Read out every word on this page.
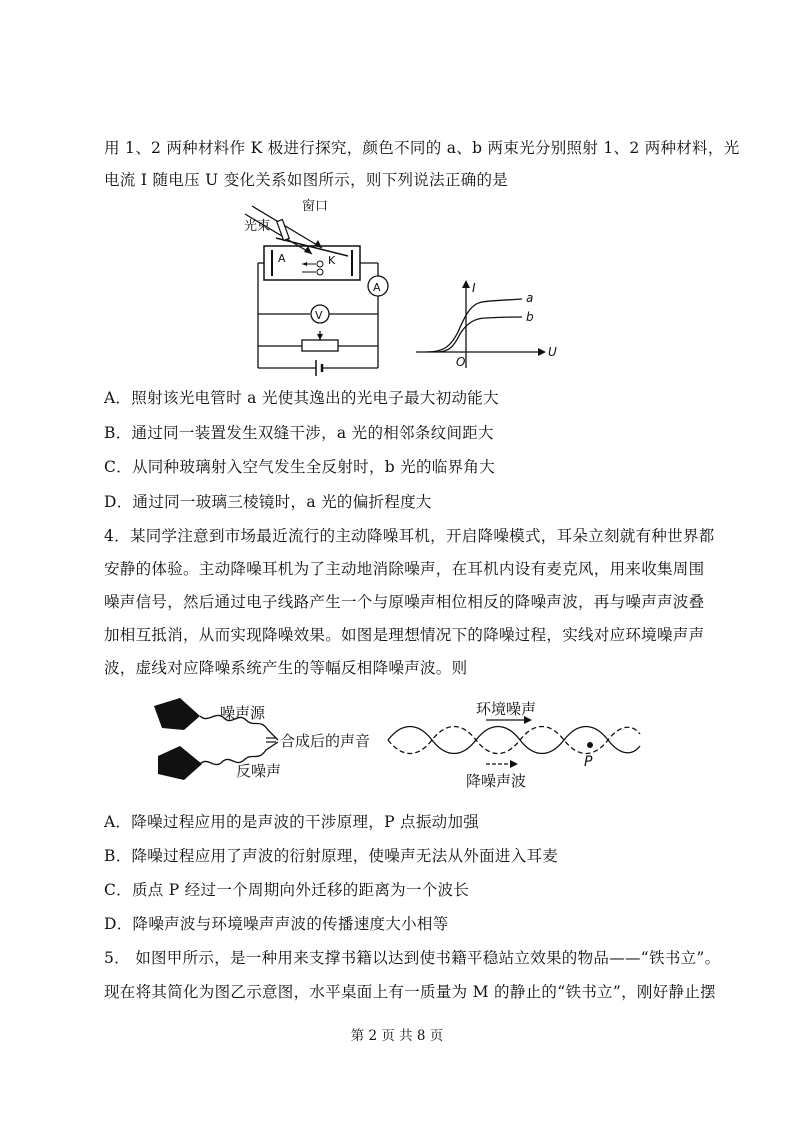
用 1、2 两种材料作 K 极进行探究，颜色不同的 a、b 两束光分别照射 1、2 两种材料，光
电流 I 随电压 U 变化关系如图所示，则下列说法正确的是
窗口
光束
A	K
A
V
I
U
O
a
b
A．照射该光电管时 a 光使其逸出的光电子最大初动能大
B．通过同一装置发生双缝干涉，a 光的相邻条纹间距大
C．从同种玻璃射入空气发生全反射时，b 光的临界角大
D．通过同一玻璃三棱镜时，a 光的偏折程度大
4．某同学注意到市场最近流行的主动降噪耳机，开启降噪模式，耳朵立刻就有种世界都
安静的体验。主动降噪耳机为了主动地消除噪声，在耳机内设有麦克风，用来收集周围
噪声信号，然后通过电子线路产生一个与原噪声相位相反的降噪声波，再与噪声声波叠
加相互抵消，从而实现降噪效果。如图是理想情况下的降噪过程，实线对应环境噪声声
波，虚线对应降噪系统产生的等幅反相降噪声波。则
噪声源
反噪声
合成后的声音
环境噪声
降噪声波
P
A．降噪过程应用的是声波的干涉原理，P 点振动加强
B．降噪过程应用了声波的衍射原理，使噪声无法从外面进入耳麦
C．质点 P 经过一个周期向外迁移的距离为一个波长
D．降噪声波与环境噪声声波的传播速度大小相等
5． 如图甲所示，是一种用来支撑书籍以达到使书籍平稳站立效果的物品——“铁书立”。
现在将其简化为图乙示意图，水平桌面上有一质量为 M 的静止的“铁书立”，刚好静止摆
第 2 页 共 8 页
